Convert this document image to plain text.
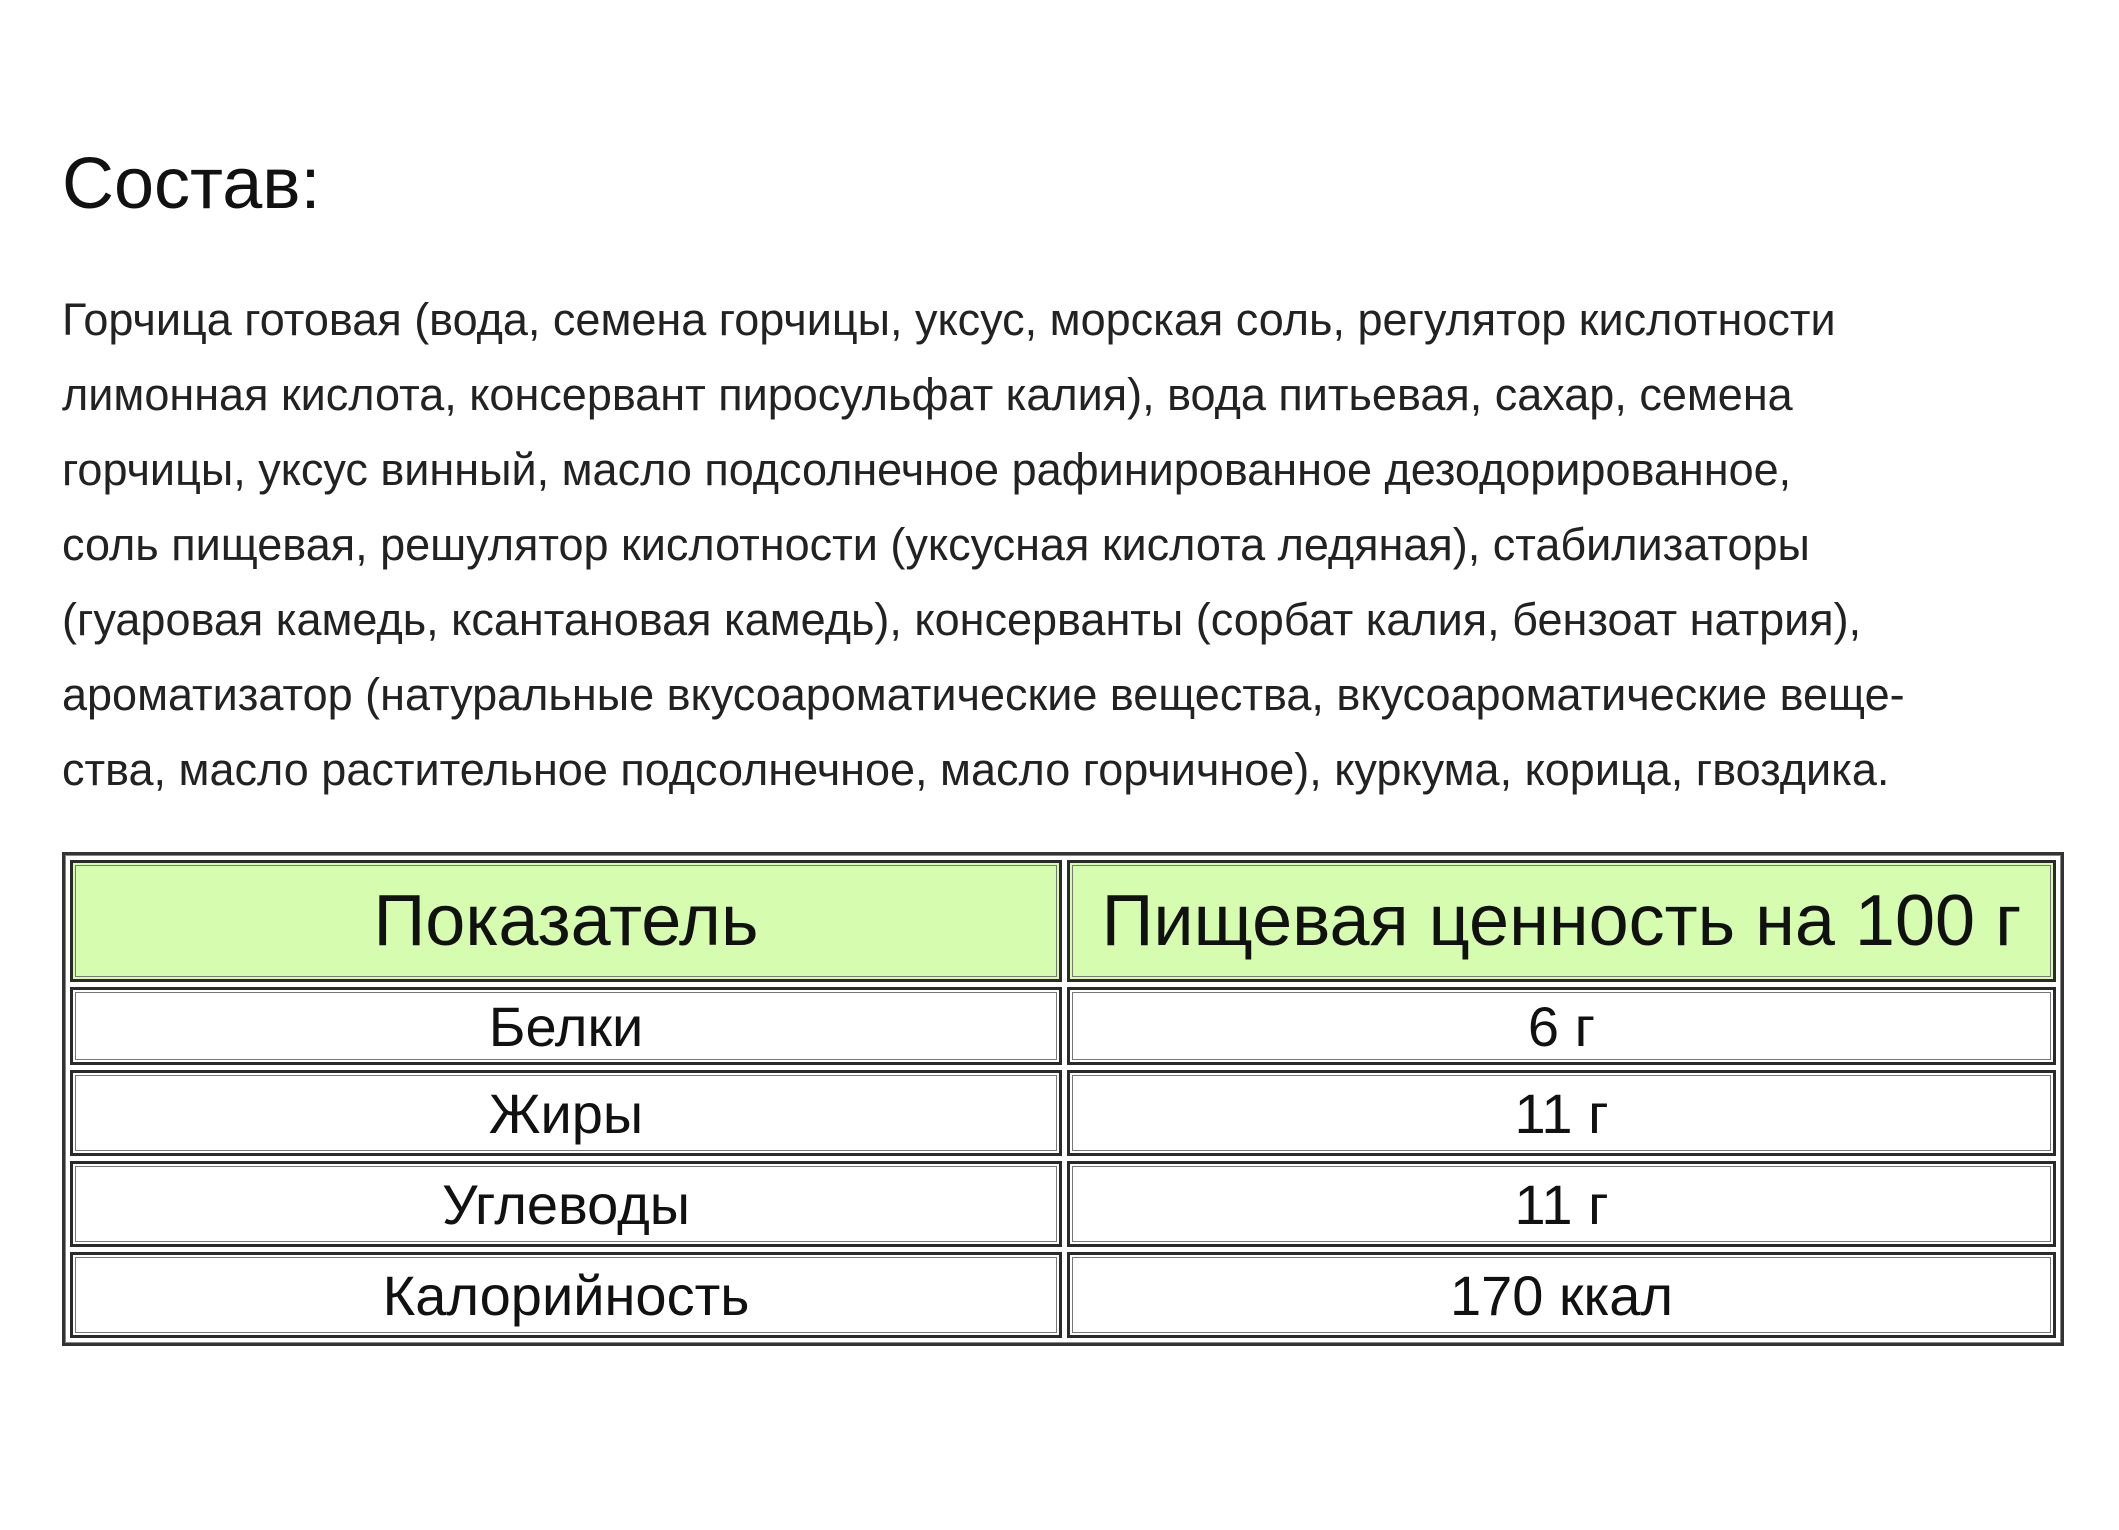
Состав:
Горчица готовая (вода, семена горчицы, уксус, морская соль, регулятор кислотности
лимонная кислота, консервант пиросульфат калия), вода питьевая, сахар, семена
горчицы, уксус винный, масло подсолнечное рафинированное дезодорированное,
соль пищевая, решулятор кислотности (уксусная кислота ледяная), стабилизаторы
(гуаровая камедь, ксантановая камедь), консерванты (сорбат калия, бензоат натрия),
ароматизатор (натуральные вкусоароматические вещества, вкусоароматические веще-
ства, масло растительное подсолнечное, масло горчичное), куркума, корица, гвоздика.
Показатель	Пищевая ценность на 100 г
Белки	6 г
Жиры	11 г
Углеводы	11 г
Калорийность	170 ккал
